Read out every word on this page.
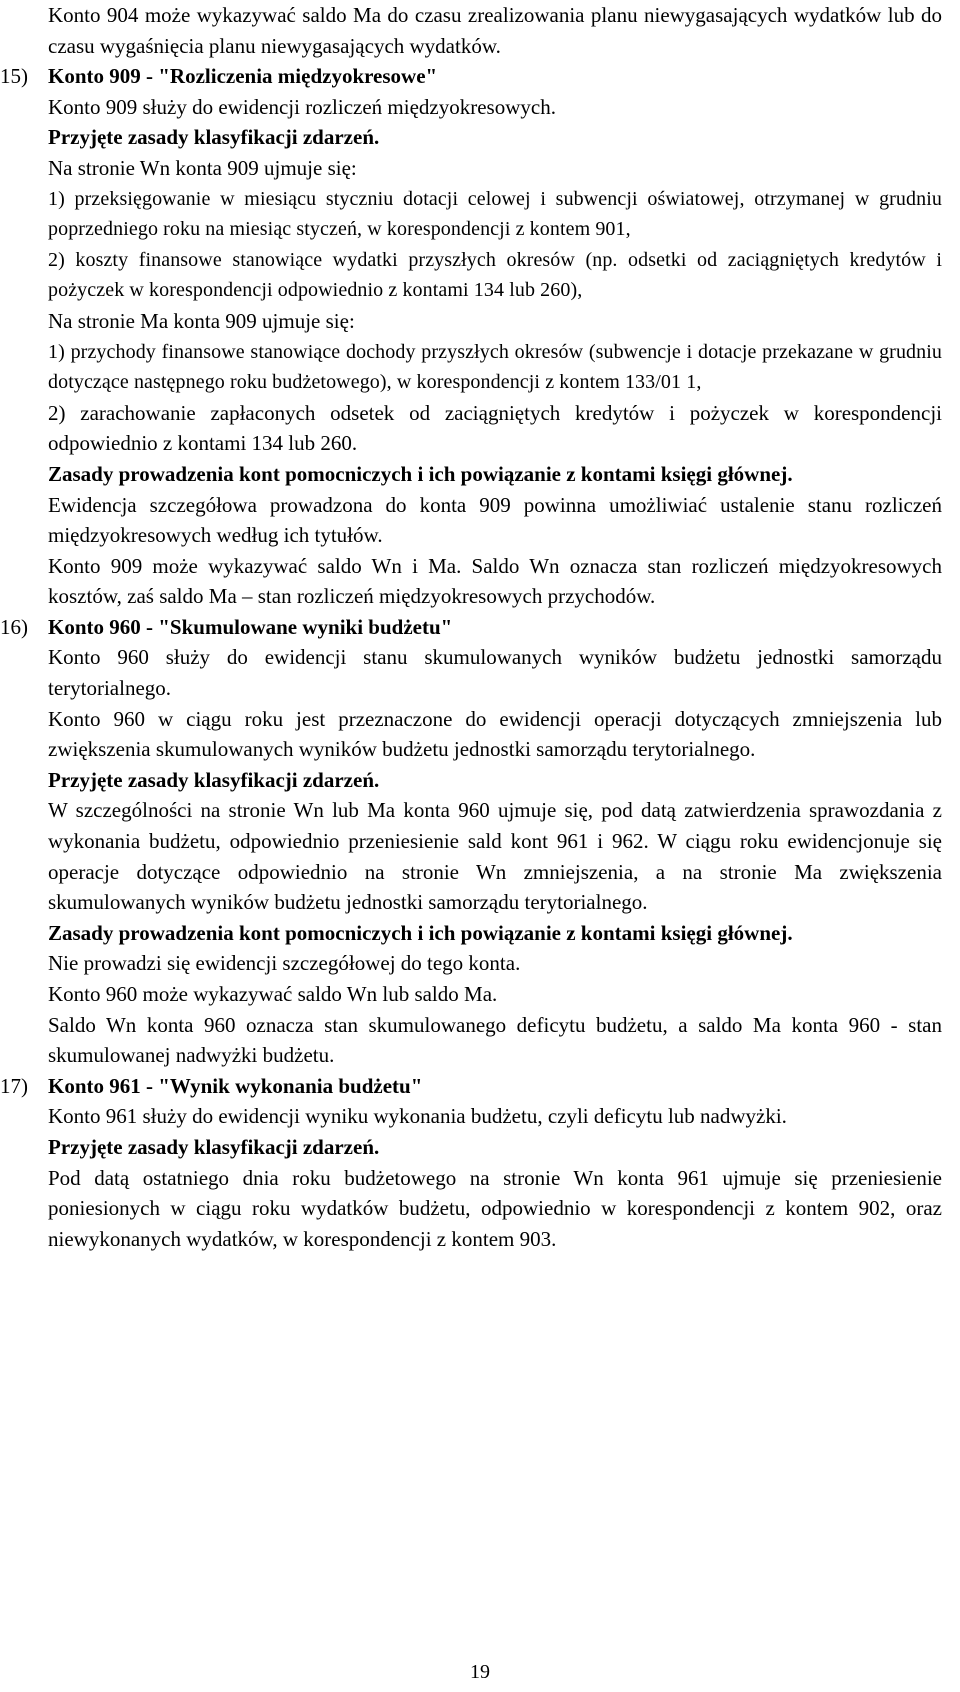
Konto 904 może wykazywać saldo Ma do czasu zrealizowania planu niewygasających wydatków lub do czasu wygaśnięcia planu niewygasających wydatków.
15) Konto 909 - "Rozliczenia międzyokresowe"
Konto 909 służy do ewidencji rozliczeń międzyokresowych.
Przyjęte zasady klasyfikacji zdarzeń.
Na stronie Wn konta 909 ujmuje się:
1) przeksięgowanie w miesiącu styczniu dotacji celowej i subwencji oświatowej, otrzymanej w grudniu poprzedniego roku na miesiąc styczeń, w korespondencji z kontem 901,
2) koszty finansowe stanowiące wydatki przyszłych okresów (np. odsetki od zaciągniętych kredytów i pożyczek w korespondencji odpowiednio z kontami 134 lub 260),
Na stronie Ma konta 909 ujmuje się:
1) przychody finansowe stanowiące dochody przyszłych okresów (subwencje i dotacje przekazane w grudniu dotyczące następnego roku budżetowego), w korespondencji z kontem 133/01 1,
2) zarachowanie zapłaconych odsetek od zaciągniętych kredytów i pożyczek w korespondencji odpowiednio z kontami 134 lub 260.
Zasady prowadzenia kont pomocniczych i ich powiązanie z kontami księgi głównej.
Ewidencja szczegółowa prowadzona do konta 909 powinna umożliwiać ustalenie stanu rozliczeń międzyokresowych według ich tytułów.
Konto 909 może wykazywać saldo Wn i Ma. Saldo Wn oznacza stan rozliczeń międzyokresowych kosztów, zaś saldo Ma – stan rozliczeń międzyokresowych przychodów.
16) Konto 960 - "Skumulowane wyniki budżetu"
Konto 960 służy do ewidencji stanu skumulowanych wyników budżetu jednostki samorządu terytorialnego.
Konto 960 w ciągu roku jest przeznaczone do ewidencji operacji dotyczących zmniejszenia lub zwiększenia skumulowanych wyników budżetu jednostki samorządu terytorialnego.
Przyjęte zasady klasyfikacji zdarzeń.
W szczególności na stronie Wn lub Ma konta 960 ujmuje się, pod datą zatwierdzenia sprawozdania z wykonania budżetu, odpowiednio przeniesienie sald kont 961 i 962. W ciągu roku ewidencjonuje się operacje dotyczące odpowiednio na stronie Wn zmniejszenia, a na stronie Ma zwiększenia skumulowanych wyników budżetu jednostki samorządu terytorialnego.
Zasady prowadzenia kont pomocniczych i ich powiązanie z kontami księgi głównej.
Nie prowadzi się ewidencji szczegółowej do tego konta.
Konto 960 może wykazywać saldo Wn lub saldo Ma.
Saldo Wn konta 960 oznacza stan skumulowanego deficytu budżetu, a saldo Ma konta 960 - stan skumulowanej nadwyżki budżetu.
17) Konto 961 - "Wynik wykonania budżetu"
Konto 961 służy do ewidencji wyniku wykonania budżetu, czyli deficytu lub nadwyżki.
Przyjęte zasady klasyfikacji zdarzeń.
Pod datą ostatniego dnia roku budżetowego na stronie Wn konta 961 ujmuje się przeniesienie poniesionych w ciągu roku wydatków budżetu, odpowiednio w korespondencji z kontem 902, oraz niewykonanych wydatków, w korespondencji z kontem 903.
19
